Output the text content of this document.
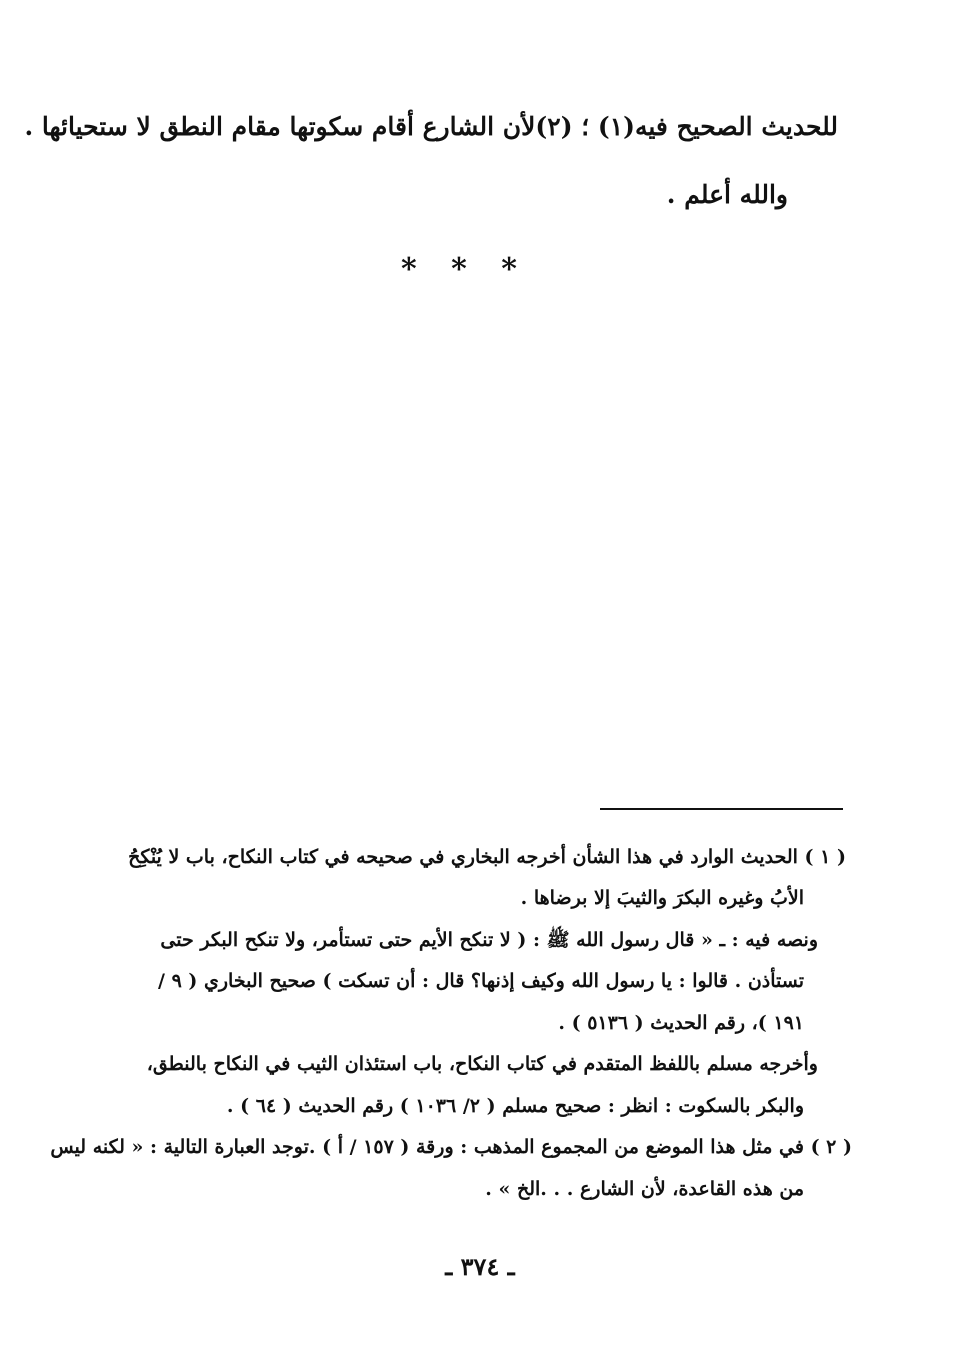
للحديث الصحيح فيه(١) ؛ (٢)لأن الشارع أقام سكوتها مقام النطق لا ستحيائها .
والله أعلم .
* * *
( ١ ) الحديث الوارد في هذا الشأن أخرجه البخاري في صحيحه في كتاب النكاح، باب لا يُنْكِحُ
الأبُ وغيره البكرَ والثيبَ إلا برضاها .
ونصه فيه : ـ « قال رسول الله ﷺ : ( لا تنكح الأيم حتى تستأمر، ولا تنكح البكر حتى
تستأذن . قالوا : يا رسول الله وكيف إذنها؟ قال : أن تسكت ) صحيح البخاري ( ٩ /
١٩١ )، رقم الحديث ( ٥١٣٦ ) .
وأخرجه مسلم باللفظ المتقدم في كتاب النكاح، باب استئذان الثيب في النكاح بالنطق،
والبكر بالسكوت : انظر : صحيح مسلم ( ٢/ ١٠٣٦ ) رقم الحديث ( ٦٤ ) .
( ٢ ) في مثل هذا الموضع من المجموع المذهب : ورقة ( ١٥٧ / أ ) .توجد العبارة التالية : « لكنه ليس
من هذه القاعدة، لأن الشارع . . .الخ » .
ـ ٣٧٤ ـ
